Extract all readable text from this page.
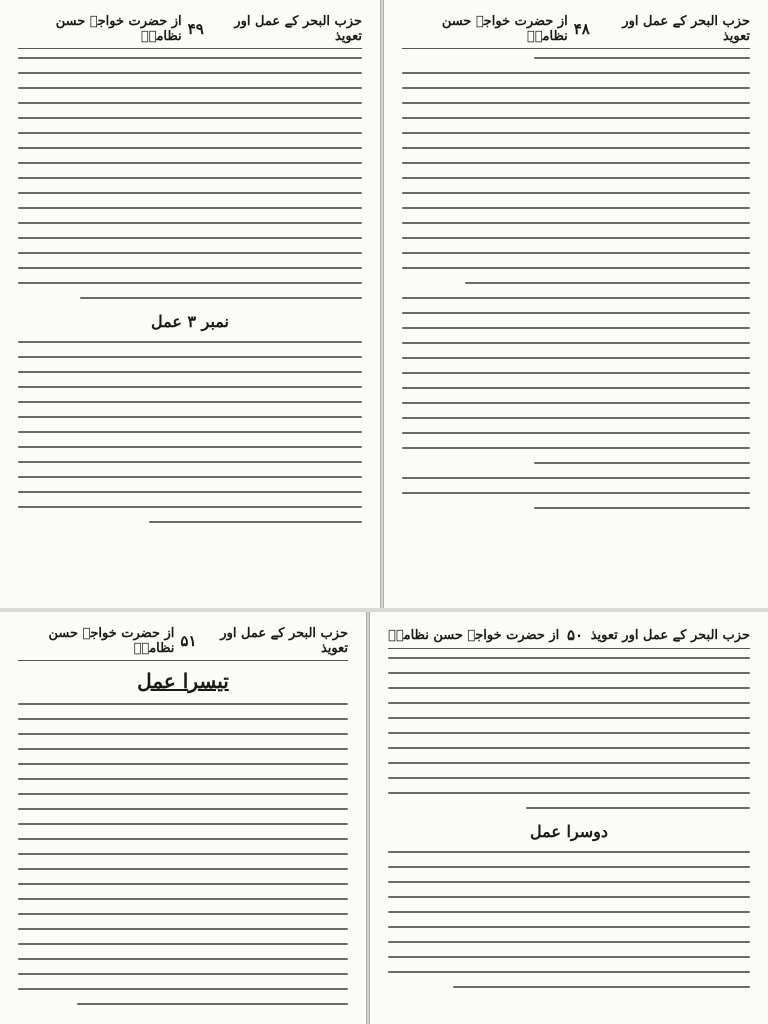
حزب البحر کے عمل اور تعویذ
۴۹
از حضرت خواجہ حسن نظامیؒ
نمبر ۳ عمل
حزب البحر کے عمل اور تعویذ
۴۸
از حضرت خواجہ حسن نظامیؒ
حزب البحر کے عمل اور تعویذ
۵۱
از حضرت خواجہ حسن نظامیؒ
تیسرا عمل
حزب البحر کے عمل اور تعویذ
۵۰
از حضرت خواجہ حسن نظامیؒ
دوسرا عمل
